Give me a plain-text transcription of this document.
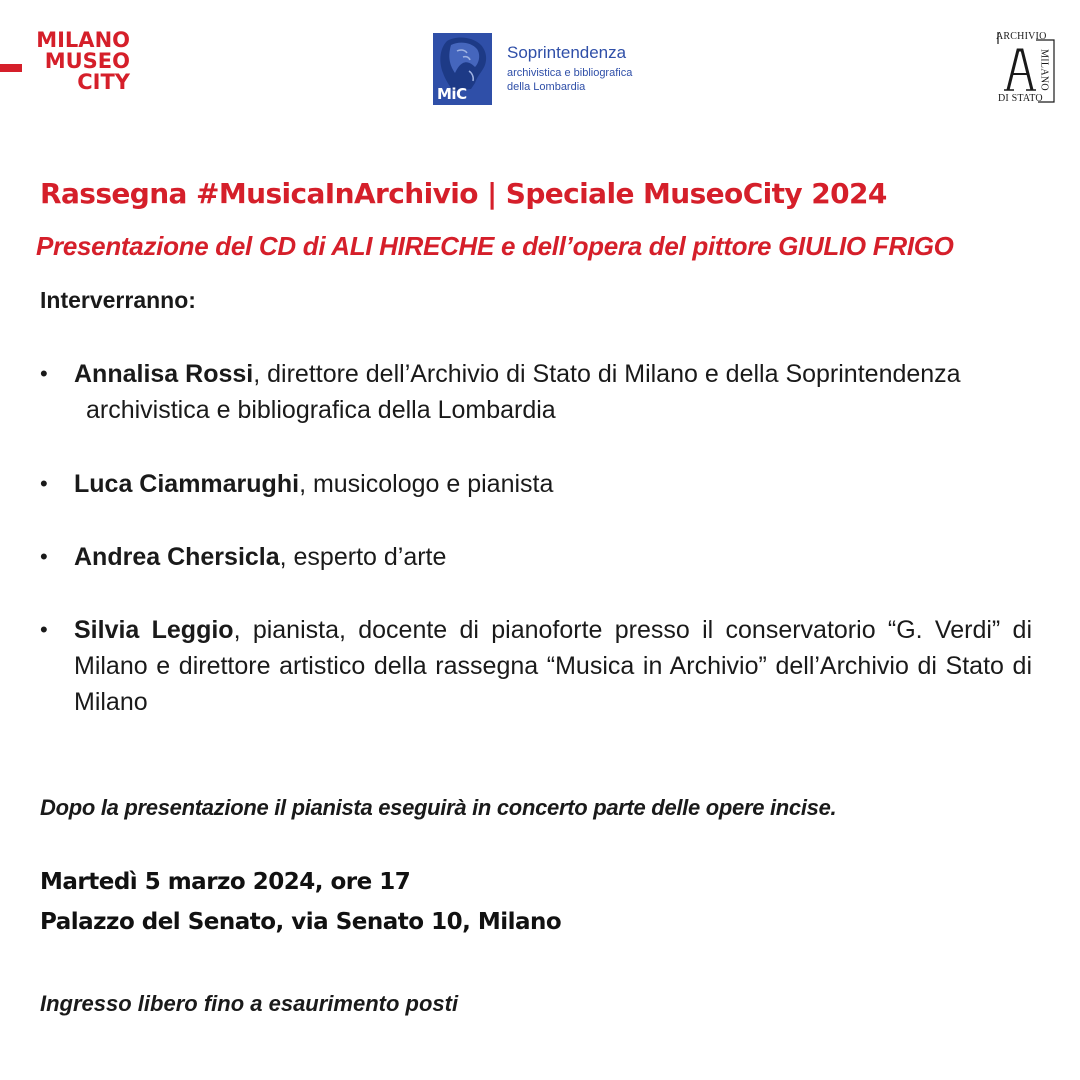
MILANO
MUSEO
CITY	MiC
Soprintendenza
archivistica e bibliografica
della Lombardia
ARCHIVIO
DI STATO
MILANO
Rassegna #MusicaInArchivio | Speciale MuseoCity 2024
Presentazione del CD di ALI HIRECHE e dell’opera del pittore GIULIO FRIGO
Interverranno:
• Annalisa Rossi, direttore dell’Archivio di Stato di Milano e della Soprintendenza
archivistica e bibliografica della Lombardia
• Luca Ciammarughi, musicologo e pianista
• Andrea Chersicla, esperto d’arte
• Silvia Leggio, pianista, docente di pianoforte presso il conservatorio “G. Verdi” di Milano e direttore artistico della rassegna “Musica in Archivio” dell’Archivio di Stato di Milano
Dopo la presentazione il pianista eseguirà in concerto parte delle opere incise.
Martedì 5 marzo 2024, ore 17
Palazzo del Senato, via Senato 10, Milano
Ingresso libero fino a esaurimento posti
